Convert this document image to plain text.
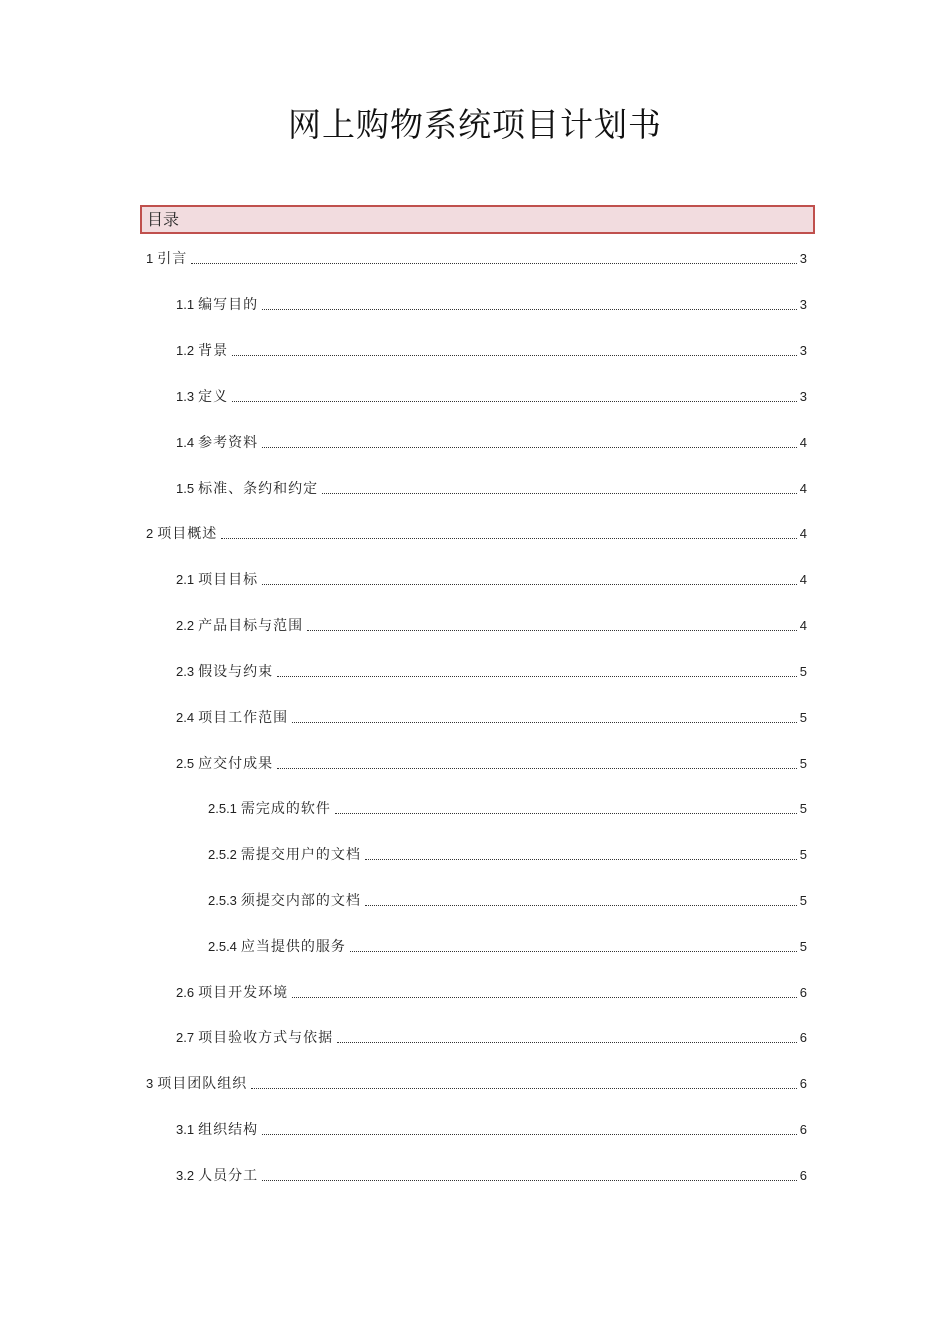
网上购物系统项目计划书
目录
1 引言	3
1.1 编写目的	3
1.2 背景	3
1.3 定义	3
1.4 参考资料	4
1.5 标准、条约和约定	4
2 项目概述	4
2.1 项目目标	4
2.2 产品目标与范围	4
2.3 假设与约束	5
2.4 项目工作范围	5
2.5 应交付成果	5
2.5.1 需完成的软件	5
2.5.2 需提交用户的文档	5
2.5.3 须提交内部的文档	5
2.5.4 应当提供的服务	5
2.6 项目开发环境	6
2.7 项目验收方式与依据	6
3 项目团队组织	6
3.1 组织结构	6
3.2 人员分工	6
